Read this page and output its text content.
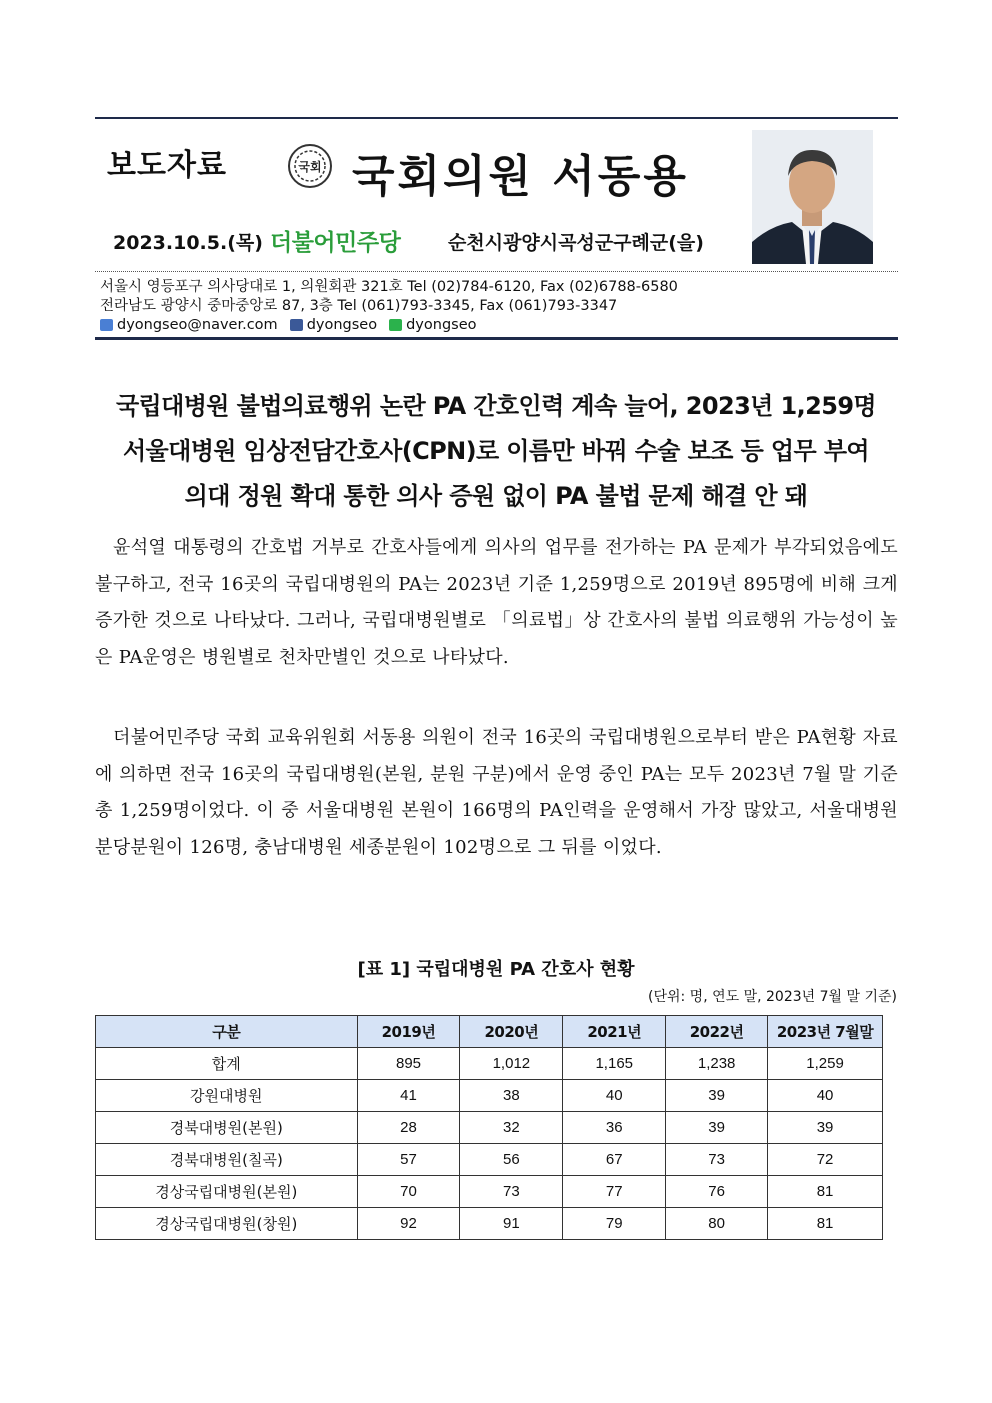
보도자료	국회 국회의원 서동용
2023.10.5.(목) 더불어민주당	순천시광양시곡성군구례군(을)
서울시 영등포구 의사당대로 1, 의원회관 321호 Tel (02)784-6120, Fax (02)6788-6580
전라남도 광양시 중마중앙로 87, 3층 Tel (061)793-3345, Fax (061)793-3347
dyongseo@naver.com dyongseo dyongseo
국립대병원 불법의료행위 논란 PA 간호인력 계속 늘어, 2023년 1,259명
서울대병원 임상전담간호사(CPN)로 이름만 바꿔 수술 보조 등 업무 부여
의대 정원 확대 통한 의사 증원 없이 PA 불법 문제 해결 안 돼

윤석열 대통령의 간호법 거부로 간호사들에게 의사의 업무를 전가하는 PA 문제가 부각되었음에도 불구하고, 전국 16곳의 국립대병원의 PA는 2023년 기준 1,259명으로 2019년 895명에 비해 크게 증가한 것으로 나타났다. 그러나, 국립대병원별로 「의료법」상 간호사의 불법 의료행위 가능성이 높은 PA운영은 병원별로 천차만별인 것으로 나타났다.

더불어민주당 국회 교육위원회 서동용 의원이 전국 16곳의 국립대병원으로부터 받은 PA현황 자료에 의하면 전국 16곳의 국립대병원(본원, 분원 구분)에서 운영 중인 PA는 모두 2023년 7월 말 기준 총 1,259명이었다. 이 중 서울대병원 본원이 166명의 PA인력을 운영해서 가장 많았고, 서울대병원 분당분원이 126명, 충남대병원 세종분원이 102명으로 그 뒤를 이었다.

[표 1] 국립대병원 PA 간호사 현황
(단위: 명, 연도 말, 2023년 7월 말 기준)
구분	2019년	2020년	2021년	2022년	2023년 7월말
합계	895	1,012	1,165	1,238	1,259
강원대병원	41	38	40	39	40
경북대병원(본원)	28	32	36	39	39
경북대병원(칠곡)	57	56	67	73	72
경상국립대병원(본원)	70	73	77	76	81
경상국립대병원(창원)	92	91	79	80	81
